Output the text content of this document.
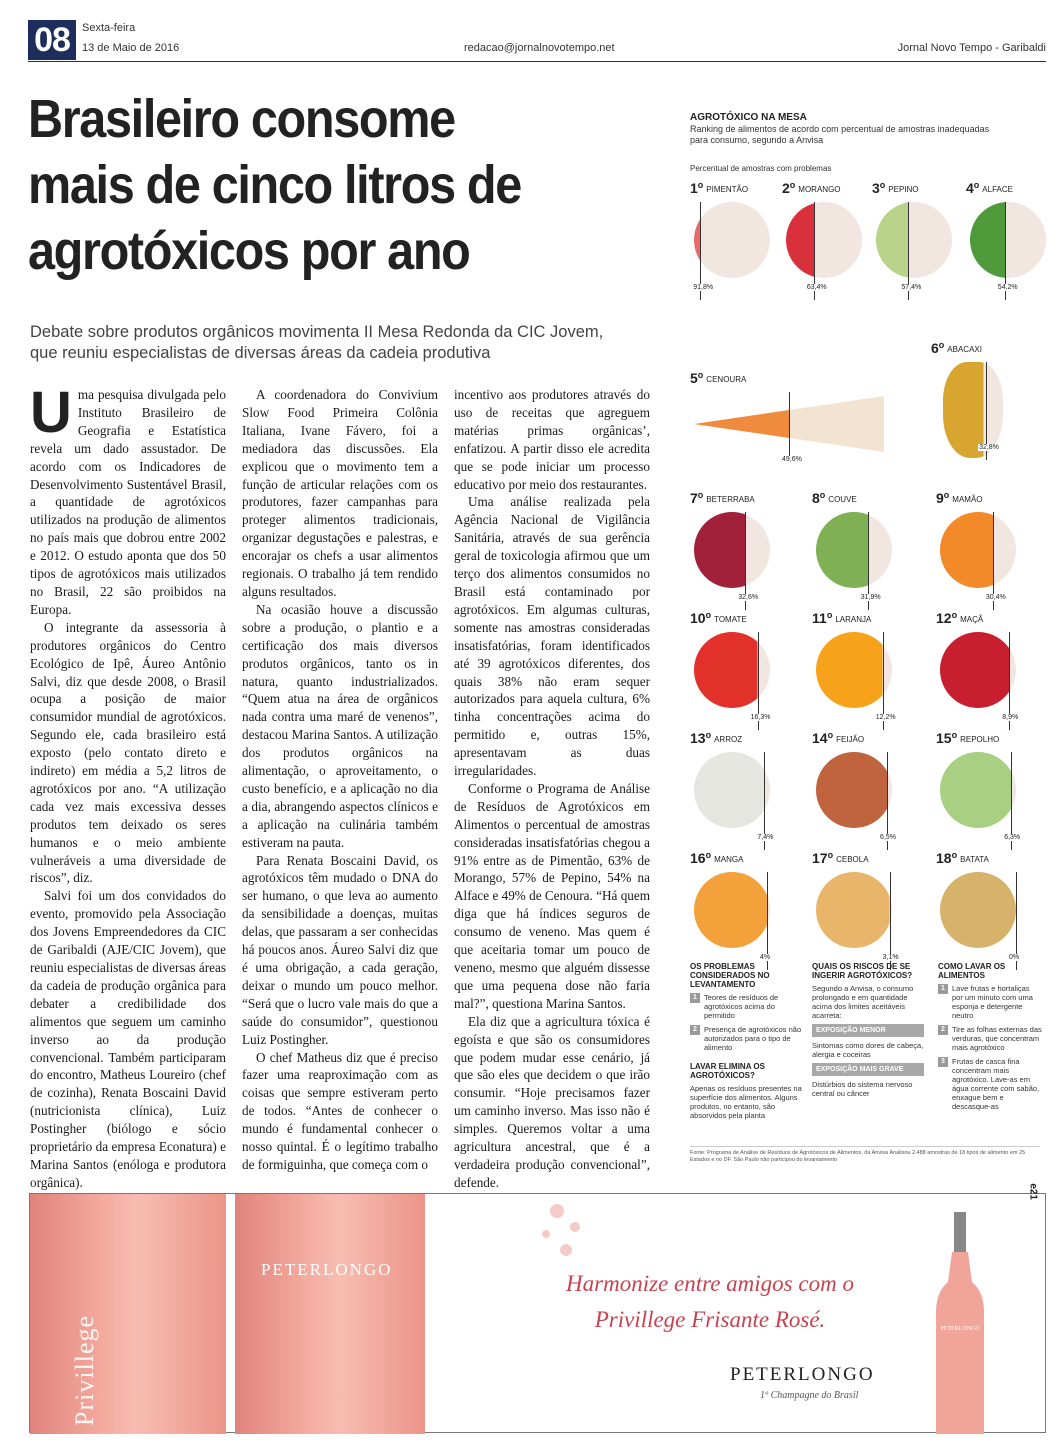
08	Sexta-feira
13 de Maio de 2016	redacao@jornalnovotempo.net	Jornal Novo Tempo - Garibaldi
Brasileiro consome mais de cinco litros de agrotóxicos por ano

Debate sobre produtos orgânicos movimenta II Mesa Redonda da CIC Jovem, que reuniu especialistas de diversas áreas da cadeia produtiva

Uma pesquisa divulgada pelo Instituto Brasileiro de Geografia e Estatística revela um dado assustador. De acordo com os Indicadores de Desenvolvimento Sustentável Brasil, a quantidade de agrotóxicos utilizados na produção de alimentos no país mais que dobrou entre 2002 e 2012. O estudo aponta que dos 50 tipos de agrotóxicos mais utilizados no Brasil, 22 são proibidos na Europa.

O integrante da assessoria à produtores orgânicos do Centro Ecológico de Ipê, Áureo Antônio Salvi, diz que desde 2008, o Brasil ocupa a posição de maior consumidor mundial de agrotóxicos. Segundo ele, cada brasileiro está exposto (pelo contato direto e indireto) em média a 5,2 litros de agrotóxicos por ano. “A utilização cada vez mais excessiva desses produtos tem deixado os seres humanos e o meio ambiente vulneráveis a uma diversidade de riscos”, diz.

Salvi foi um dos convidados do evento, promovido pela Associação dos Jovens Empreendedores da CIC de Garibaldi (AJE/CIC Jovem), que reuniu especialistas de diversas áreas da cadeia de produção orgânica para debater a credibilidade dos alimentos que seguem um caminho inverso ao da produção convencional. Também participaram do encontro, Matheus Loureiro (chef de cozinha), Renata Boscaini David (nutricionista clínica), Luiz Postingher (biólogo e sócio proprietário da empresa Econatura) e Marina Santos (enóloga e produtora orgânica).

A coordenadora do Convivium Slow Food Primeira Colônia Italiana, Ivane Fávero, foi a mediadora das discussões. Ela explicou que o movimento tem a função de articular relações com os produtores, fazer campanhas para proteger alimentos tradicionais, organizar degustações e palestras, e encorajar os chefs a usar alimentos regionais. O trabalho já tem rendido alguns resultados.

Na ocasião houve a discussão sobre a produção, o plantio e a certificação dos mais diversos produtos orgânicos, tanto os in natura, quanto industrializados. “Quem atua na área de orgânicos nada contra uma maré de venenos”, destacou Marina Santos. A utilização dos produtos orgânicos na alimentação, o aproveitamento, o custo benefício, e a aplicação no dia a dia, abrangendo aspectos clínicos e a aplicação na culinária também estiveram na pauta.

Para Renata Boscaini David, os agrotóxicos têm mudado o DNA do ser humano, o que leva ao aumento da sensibilidade a doenças, muitas delas, que passaram a ser conhecidas há poucos anos. Áureo Salvi diz que é uma obrigação, a cada geração, deixar o mundo um pouco melhor. “Será que o lucro vale mais do que a saúde do consumidor”, questionou Luiz Postingher.

O chef Matheus diz que é preciso fazer uma reaproximação com as coisas que sempre estiveram perto de todos. “Antes de conhecer o mundo é fundamental conhecer o nosso quintal. É o legítimo trabalho de formiguinha, que começa com o

incentivo aos produtores através do uso de receitas que agreguem matérias primas orgânicas’, enfatizou. A partir disso ele acredita que se pode iniciar um processo educativo por meio dos restaurantes.

Uma análise realizada pela Agência Nacional de Vigilância Sanitária, através de sua gerência geral de toxicologia afirmou que um terço dos alimentos consumidos no Brasil está contaminado por agrotóxicos. Em algumas culturas, somente nas amostras consideradas insatisfatórias, foram identificados até 39 agrotóxicos diferentes, dos quais 38% não eram sequer autorizados para aquela cultura, 6% tinha concentrações acima do permitido e, outras 15%, apresentavam as duas irregularidades.

Conforme o Programa de Análise de Resíduos de Agrotóxicos em Alimentos o percentual de amostras consideradas insatisfatórias chegou a 91% entre as de Pimentão, 63% de Morango, 57% de Pepino, 54% na Alface e 49% de Cenoura. “Há quem diga que há índices seguros de consumo de veneno. Mas quem é que aceitaria tomar um pouco de veneno, mesmo que alguém dissesse que uma pequena dose não faria mal?”, questiona Marina Santos.

Ela diz que a agricultura tóxica é egoísta e que são os consumidores que podem mudar esse cenário, já que são eles que decidem o que irão consumir. “Hoje precisamos fazer um caminho inverso. Mas isso não é simples. Queremos voltar a uma agricultura ancestral, que é a verdadeira produção convencional”, defende.

AGROTÓXICO NA MESA
Ranking de alimentos de acordo com percentual de amostras inadequadas para consumo, segundo a Anvisa
Percentual de amostras com problemas
1$^o$ PIMENTÃO
91,8%
2$^o$ MORANGO
63,4%
3$^o$ PEPINO
57,4%
4$^o$ ALFACE
54,2%
5$^o$ CENOURA
49,6%
6$^o$ ABACAXI
32,8%
7$^o$ BETERRABA
32,6%
8$^o$ COUVE
31,9%
9$^o$ MAMÃO
30,4%
10$^o$ TOMATE
16,3%
11$^o$ LARANJA
12,2%
12$^o$ MAÇÃ
8,9%
13$^o$ ARROZ
7,4%
14$^o$ FEIJÃO
6,5%
15$^o$ REPOLHO
6,3%
16$^o$ MANGA
4%
17$^o$ CEBOLA
3,1%
18$^o$ BATATA
0%
OS PROBLEMAS CONSIDERADOS NO LEVANTAMENTO
1 Teores de resíduos de agrotóxicos acima do permitido
2 Presença de agrotóxicos não autorizados para o tipo de alimento
LAVAR ELIMINA OS AGROTÓXICOS?
Apenas os resíduos presentes na superfície dos alimentos. Alguns produtos, no entanto, são absorvidos pela planta
QUAIS OS RISCOS DE SE INGERIR AGROTÓXICOS?
Segundo a Anvisa, o consumo prolongado e em quantidade acima dos limites aceitáveis acarreta:
EXPOSIÇÃO MENOR
Sintomas como dores de cabeça, alergia e coceiras
EXPOSIÇÃO MAIS GRAVE
Distúrbios do sistema nervoso central ou câncer
COMO LAVAR OS ALIMENTOS
1 Lave frutas e hortaliças por um minuto com uma esponja e detergente neutro
2 Tire as folhas externas das verduras, que concentram mais agrotóxico
3 Frutas de casca fina concentram mais agrotóxico. Lave-as em água corrente com sabão, enxague bem e descasque-as
Fonte: Programa de Análise de Resíduos de Agrotóxicos de Alimentos, da Anvisa Analisou 2.488 amostras de 18 tipos de alimento em 25 Estados e no DF. São Paulo não participou do levantamento
Privillege
PETERLONGO
Harmonize entre amigos com o
Privillege Frisante Rosé.
PETERLONGO
1º Champagne do Brasil
PETERLONGO
e21
